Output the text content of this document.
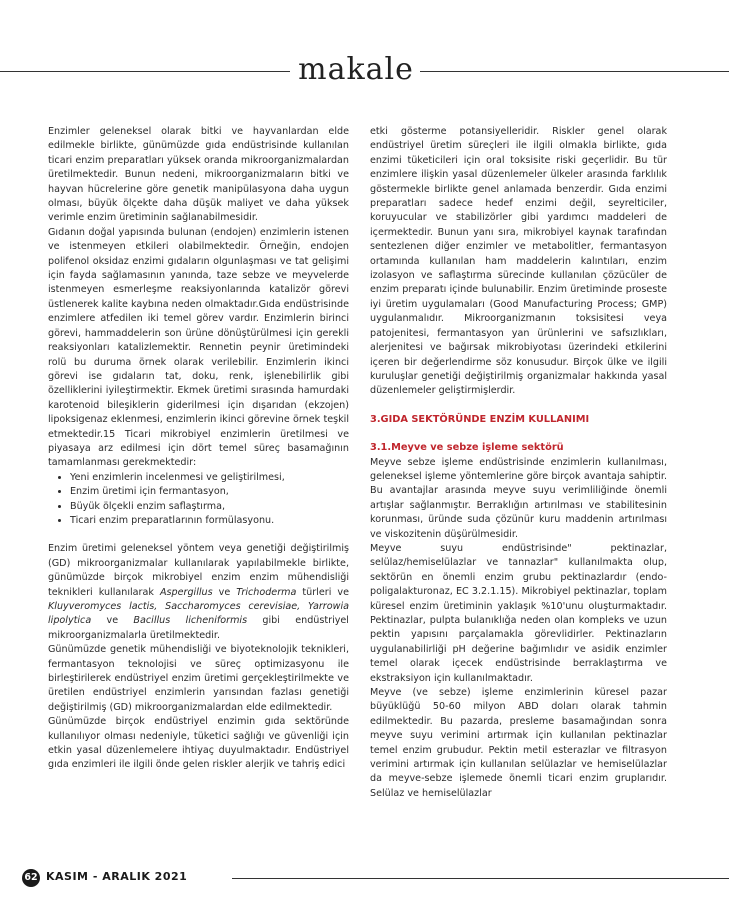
makale

Enzimler geleneksel olarak bitki ve hayvanlardan elde edilmekle birlikte, günümüzde gıda endüstrisinde kullanılan ticari enzim preparatları yüksek oranda mikroorganizmalardan üretilmektedir. Bunun nedeni, mikroorganizmaların bitki ve hayvan hücrelerine göre genetik manipülasyona daha uygun olması, büyük ölçekte daha düşük maliyet ve daha yüksek verimle enzim üretiminin sağlanabilmesidir.

Gıdanın doğal yapısında bulunan (endojen) enzimlerin istenen ve istenmeyen etkileri olabilmektedir. Örneğin, endojen polifenol oksidaz enzimi gıdaların olgunlaşması ve tat gelişimi için fayda sağlamasının yanında, taze sebze ve meyvelerde istenmeyen esmerleşme reaksiyonlarında katalizör görevi üstlenerek kalite kaybına neden olmaktadır.Gıda endüstrisinde enzimlere atfedilen iki temel görev vardır. Enzimlerin birinci görevi, hammaddelerin son ürüne dönüştürülmesi için gerekli reaksiyonları katalizlemektir. Rennetin peynir üretimindeki rolü bu duruma örnek olarak verilebilir. Enzimlerin ikinci görevi ise gıdaların tat, doku, renk, işlenebilirlik gibi özelliklerini iyileştirmektir. Ekmek üretimi sırasında hamurdaki karotenoid bileşiklerin giderilmesi için dışarıdan (ekzojen) lipoksigenaz eklenmesi, enzimlerin ikinci görevine örnek teşkil etmektedir.15 Ticari mikrobiyel enzimlerin üretilmesi ve piyasaya arz edilmesi için dört temel süreç basamağının tamamlanması gerekmektedir:

• Yeni enzimlerin incelenmesi ve geliştirilmesi,
• Enzim üretimi için fermantasyon,
• Büyük ölçekli enzim saflaştırma,
• Ticari enzim preparatlarının formülasyonu.

Enzim üretimi geleneksel yöntem veya genetiği değiştirilmiş (GD) mikroorganizmalar kullanılarak yapılabilmekle birlikte, günümüzde birçok mikrobiyel enzim enzim mühendisliği teknikleri kullanılarak Aspergillus ve Trichoderma türleri ve Kluyveromyces lactis, Saccharomyces cerevisiae, Yarrowia lipolytica ve Bacillus licheniformis gibi endüstriyel mikroorganizmalarla üretilmektedir.

Günümüzde genetik mühendisliği ve biyoteknolojik teknikleri, fermantasyon teknolojisi ve süreç optimizasyonu ile birleştirilerek endüstriyel enzim üretimi gerçekleştirilmekte ve üretilen endüstriyel enzimlerin yarısından fazlası genetiği değiştirilmiş (GD) mikroorganizmalardan elde edilmektedir.

Günümüzde birçok endüstriyel enzimin gıda sektöründe kullanılıyor olması nedeniyle, tüketici sağlığı ve güvenliği için etkin yasal düzenlemelere ihtiyaç duyulmaktadır. Endüstriyel gıda enzimleri ile ilgili önde gelen riskler alerjik ve tahriş edici

etki gösterme potansiyelleridir. Riskler genel olarak endüstriyel üretim süreçleri ile ilgili olmakla birlikte, gıda enzimi tüketicileri için oral toksisite riski geçerlidir. Bu tür enzimlere ilişkin yasal düzenlemeler ülkeler arasında farklılık göstermekle birlikte genel anlamada benzerdir. Gıda enzimi preparatları sadece hedef enzimi değil, seyrelticiler, koruyucular ve stabilizörler gibi yardımcı maddeleri de içermektedir. Bunun yanı sıra, mikrobiyel kaynak tarafından sentezlenen diğer enzimler ve metabolitler, fermantasyon ortamında kullanılan ham maddelerin kalıntıları, enzim izolasyon ve saflaştırma sürecinde kullanılan çözücüler de enzim preparatı içinde bulunabilir. Enzim üretiminde proseste iyi üretim uygulamaları (Good Manufacturing Process; GMP) uygulanmalıdır. Mikroorganizmanın toksisitesi veya patojenitesi, fermantasyon yan ürünlerini ve safsızlıkları, alerjenitesi ve bağırsak mikrobiyotası üzerindeki etkilerini içeren bir değerlendirme söz konusudur. Birçok ülke ve ilgili kuruluşlar genetiği değiştirilmiş organizmalar hakkında yasal düzenlemeler geliştirmişlerdir.

3.GIDA SEKTÖRÜNDE ENZİM KULLANIMI

3.1.Meyve ve sebze işleme sektörü

Meyve sebze işleme endüstrisinde enzimlerin kullanılması, geleneksel işleme yöntemlerine göre birçok avantaja sahiptir. Bu avantajlar arasında meyve suyu verimliliğinde önemli artışlar sağlanmıştır. Berraklığın artırılması ve stabilitesinin korunması, üründe suda çözünür kuru maddenin artırılması ve viskozitenin düşürülmesidir.

Meyve suyu endüstrisinde" pektinazlar, selülaz/hemiselülazlar ve tannazlar" kullanılmakta olup, sektörün en önemli enzim grubu pektinazlardır (endo-poligalakturonaz, EC 3.2.1.15). Mikrobiyel pektinazlar, toplam küresel enzim üretiminin yaklaşık %10'unu oluşturmaktadır. Pektinazlar, pulpta bulanıklığa neden olan kompleks ve uzun pektin yapısını parçalamakla görevlidirler. Pektinazların uygulanabilirliği pH değerine bağımlıdır ve asidik enzimler temel olarak içecek endüstrisinde berraklaştırma ve ekstraksiyon için kullanılmaktadır.

Meyve (ve sebze) işleme enzimlerinin küresel pazar büyüklüğü 50-60 milyon ABD doları olarak tahmin edilmektedir. Bu pazarda, presleme basamağından sonra meyve suyu verimini artırmak için kullanılan pektinazlar temel enzim grubudur. Pektin metil esterazlar ve filtrasyon verimini artırmak için kullanılan selülazlar ve hemiselülazlar da meyve-sebze işlemede önemli ticari enzim gruplarıdır. Selülaz ve hemiselülazlar

62 KASIM - ARALIK 2021
